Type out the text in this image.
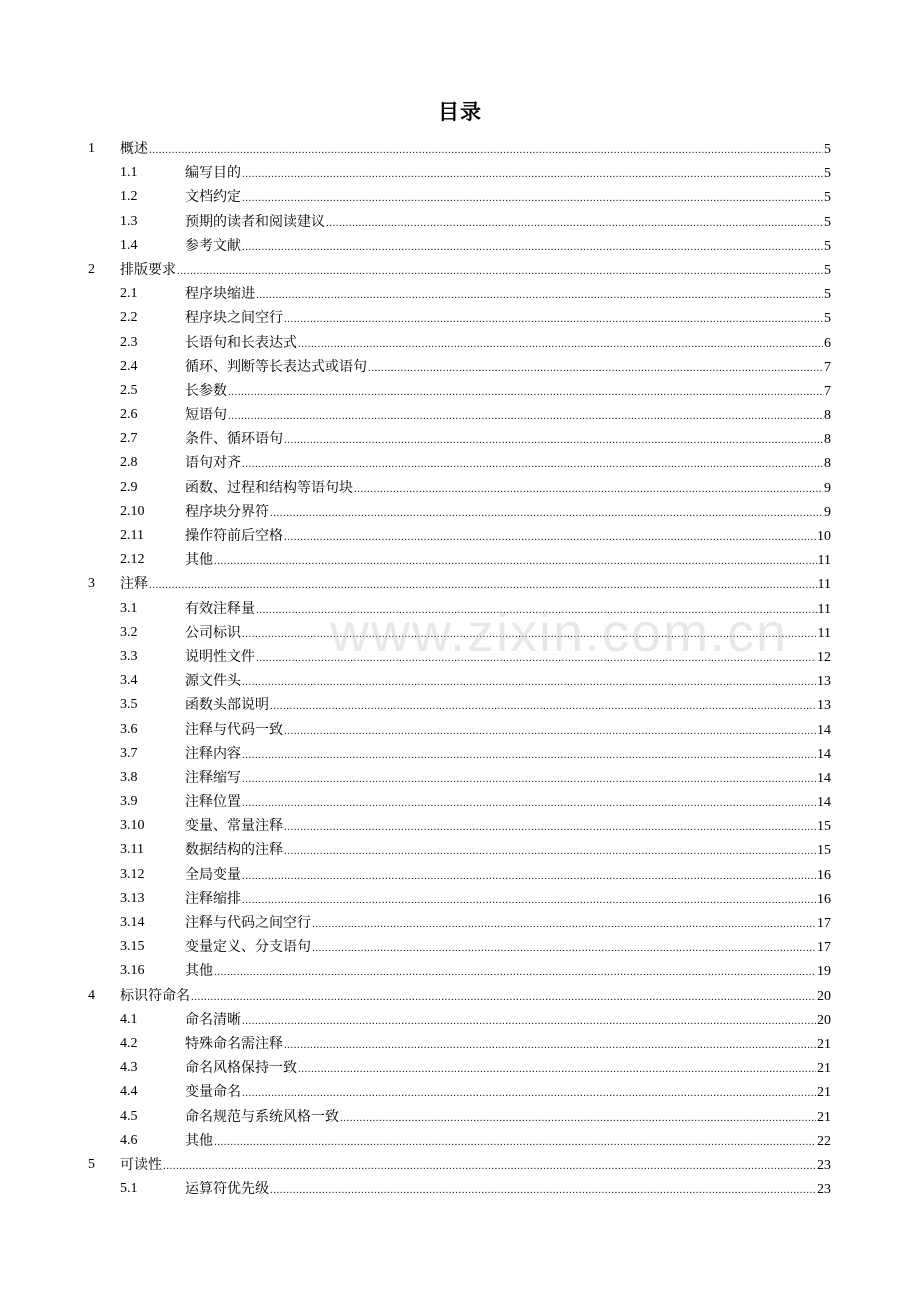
目录
1 概述 .....	5
1.1	编写目的 .....	5
1.2	文档约定 .....	5
1.3	预期的读者和阅读建议 .....	5
1.4	参考文献 .....	5
2 排版要求 .....	5
2.1	程序块缩进 .....	5
2.2	程序块之间空行 .....	5
2.3	长语句和长表达式 .....	6
2.4	循环、判断等长表达式或语句 .....	7
2.5	长参数 .....	7
2.6	短语句 .....	8
2.7	条件、循环语句 .....	8
2.8	语句对齐 .....	8
2.9	函数、过程和结构等语句块 .....	9
2.10	程序块分界符 .....	9
2.11	操作符前后空格 .....	10
2.12	其他 .....	11
3 注释 .....	11
3.1	有效注释量 .....	11
3.2	公司标识 .....	11
3.3	说明性文件 .....	12
3.4	源文件头 .....	13
3.5	函数头部说明 .....	13
3.6	注释与代码一致 .....	14
3.7	注释内容 .....	14
3.8	注释缩写 .....	14
3.9	注释位置 .....	14
3.10	变量、常量注释 .....	15
3.11	数据结构的注释 .....	15
3.12	全局变量 .....	16
3.13	注释缩排 .....	16
3.14	注释与代码之间空行 .....	17
3.15	变量定义、分支语句 .....	17
3.16	其他 .....	19
4 标识符命名 .....	20
4.1	命名清晰 .....	20
4.2	特殊命名需注释 .....	21
4.3	命名风格保持一致 .....	21
4.4	变量命名 .....	21
4.5	命名规范与系统风格一致 .....	21
4.6	其他 .....	22
5 可读性 .....	23
5.1	运算符优先级 .....	23
www.zixin.com.cn
